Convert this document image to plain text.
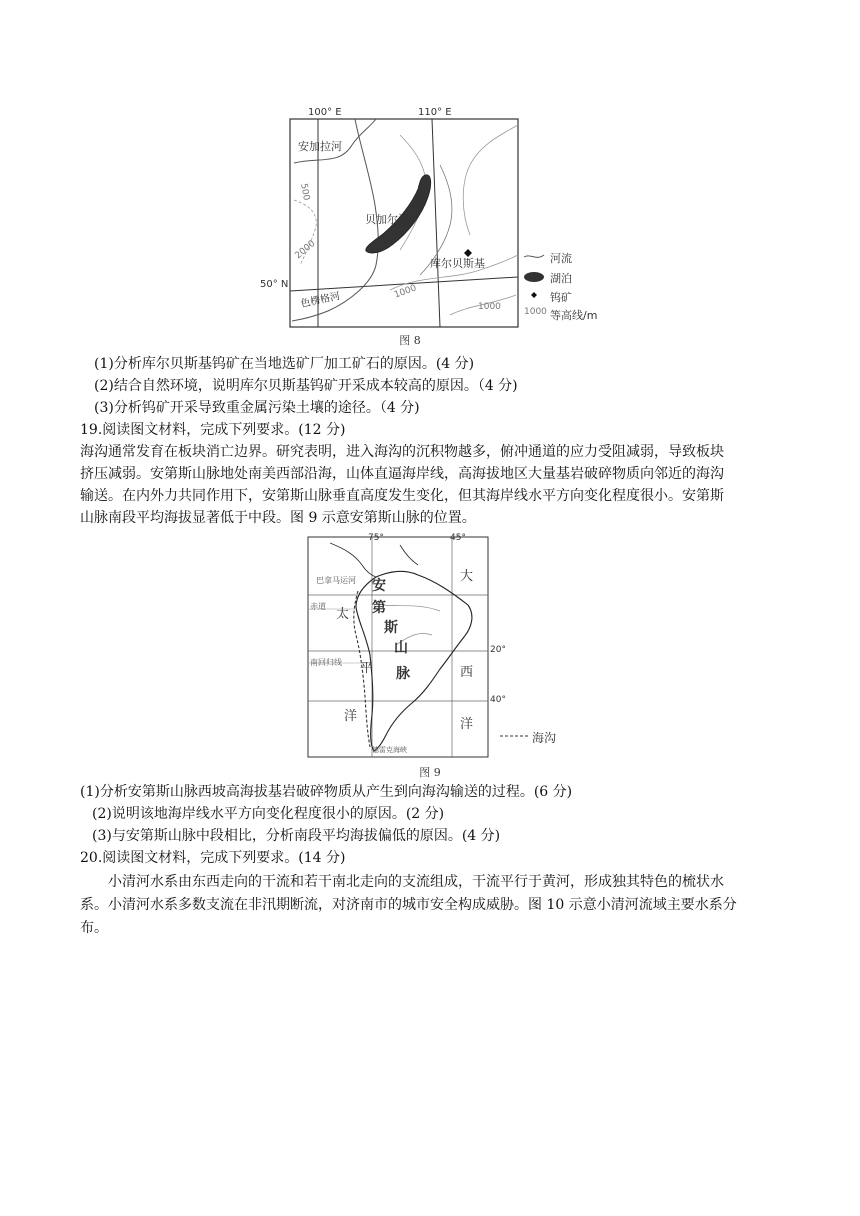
100° E	110° E
50° N
安加拉河
贝加尔湖
库尔贝斯基
色楞格河
500
2000
1000
1000
河流
湖泊
钨矿
1000 等高线/m
图 8
(1)分析库尔贝斯基钨矿在当地选矿厂加工矿石的原因。(4 分)
(2)结合自然环境，说明库尔贝斯基钨矿开采成本较高的原因。（4 分)
(3)分析钨矿开采导致重金属污染土壤的途径。（4 分)
19.阅读图文材料，完成下列要求。(12 分)
海沟通常发育在板块消亡边界。研究表明，进入海沟的沉积物越多，俯冲通道的应力受阻减弱，导致板块
挤压减弱。安第斯山脉地处南美西部沿海，山体直逼海岸线，高海拔地区大量基岩破碎物质向邻近的海沟
输送。在内外力共同作用下，安第斯山脉垂直高度发生变化，但其海岸线水平方向变化程度很小。安第斯
山脉南段平均海拔显著低于中段。图 9 示意安第斯山脉的位置。
75°	45°
20°
40°
巴拿马运河
赤道
南回归线
太
平
洋
大
西
洋
安
第
斯
山
脉
德雷克海峡
海沟
图 9
(1)分析安第斯山脉西坡高海拔基岩破碎物质从产生到向海沟输送的过程。(6 分)
(2)说明该地海岸线水平方向变化程度很小的原因。(2 分)
(3)与安第斯山脉中段相比，分析南段平均海拔偏低的原因。(4 分)
20.阅读图文材料，完成下列要求。(14 分)
小清河水系由东西走向的干流和若干南北走向的支流组成，干流平行于黄河，形成独其特色的梳状水
系。小清河水系多数支流在非汛期断流，对济南市的城市安全构成威胁。图 10 示意小清河流域主要水系分
布。
